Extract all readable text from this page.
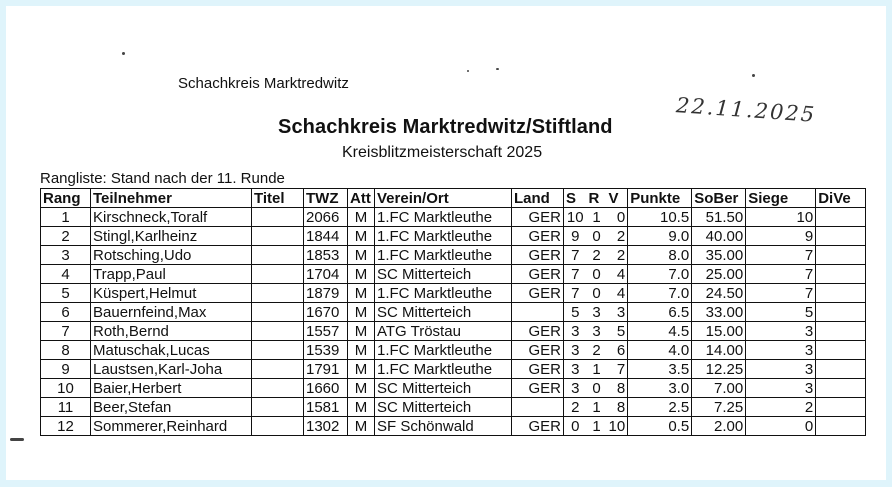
Schachkreis Marktredwitz
Schachkreis Marktredwitz/Stiftland
Kreisblitzmeisterschaft 2025
22.11.2025
Rangliste: Stand nach der 11. Runde
Rang	Teilnehmer	Titel	TWZ	Att	Verein/Ort	Land	S	R	V	Punkte	SoBer	Siege	DiVe
1	Kirschneck,Toralf		2066	M	1.FC Marktleuthe	GER	10	1	0	10.5	51.50	10	
2	Stingl,Karlheinz		1844	M	1.FC Marktleuthe	GER	9	0	2	9.0	40.00	9	
3	Rotsching,Udo		1853	M	1.FC Marktleuthe	GER	7	2	2	8.0	35.00	7	
4	Trapp,Paul		1704	M	SC Mitterteich	GER	7	0	4	7.0	25.00	7	
5	Küspert,Helmut		1879	M	1.FC Marktleuthe	GER	7	0	4	7.0	24.50	7	
6	Bauernfeind,Max		1670	M	SC Mitterteich		5	3	3	6.5	33.00	5	
7	Roth,Bernd		1557	M	ATG Tröstau	GER	3	3	5	4.5	15.00	3	
8	Matuschak,Lucas		1539	M	1.FC Marktleuthe	GER	3	2	6	4.0	14.00	3	
9	Laustsen,Karl-Joha		1791	M	1.FC Marktleuthe	GER	3	1	7	3.5	12.25	3	
10	Baier,Herbert		1660	M	SC Mitterteich	GER	3	0	8	3.0	7.00	3	
11	Beer,Stefan		1581	M	SC Mitterteich		2	1	8	2.5	7.25	2	
12	Sommerer,Reinhard		1302	M	SF Schönwald	GER	0	1	10	0.5	2.00	0	
